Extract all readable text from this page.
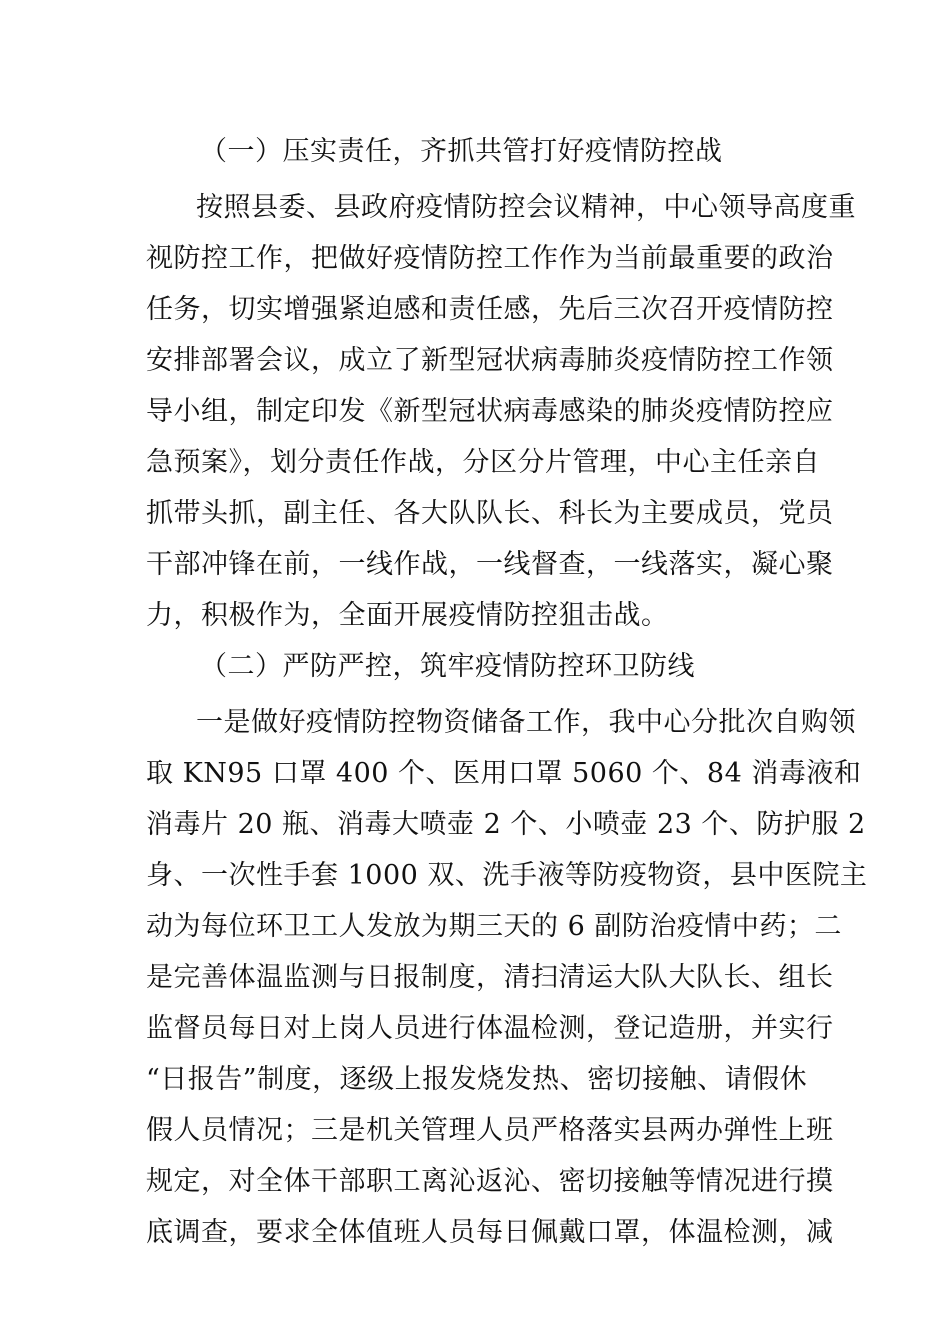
（一）压实责任，齐抓共管打好疫情防控战
按照县委、县政府疫情防控会议精神，中心领导高度重
视防控工作，把做好疫情防控工作作为当前最重要的政治
任务，切实增强紧迫感和责任感，先后三次召开疫情防控
安排部署会议，成立了新型冠状病毒肺炎疫情防控工作领
导小组，制定印发《新型冠状病毒感染的肺炎疫情防控应
急预案》，划分责任作战，分区分片管理，中心主任亲自
抓带头抓，副主任、各大队队长、科长为主要成员，党员
干部冲锋在前，一线作战，一线督查，一线落实，凝心聚
力，积极作为，全面开展疫情防控狙击战。
（二）严防严控，筑牢疫情防控环卫防线
一是做好疫情防控物资储备工作，我中心分批次自购领
取 KN95 口罩 400 个、医用口罩 5060 个、84 消毒液和
消毒片 20 瓶、消毒大喷壶 2 个、小喷壶 23 个、防护服 2
身、一次性手套 1000 双、洗手液等防疫物资，县中医院主
动为每位环卫工人发放为期三天的 6 副防治疫情中药；二
是完善体温监测与日报制度，清扫清运大队大队长、组长
监督员每日对上岗人员进行体温检测，登记造册，并实行
“日报告”制度，逐级上报发烧发热、密切接触、请假休
假人员情况；三是机关管理人员严格落实县两办弹性上班
规定，对全体干部职工离沁返沁、密切接触等情况进行摸
底调查，要求全体值班人员每日佩戴口罩，体温检测，减
